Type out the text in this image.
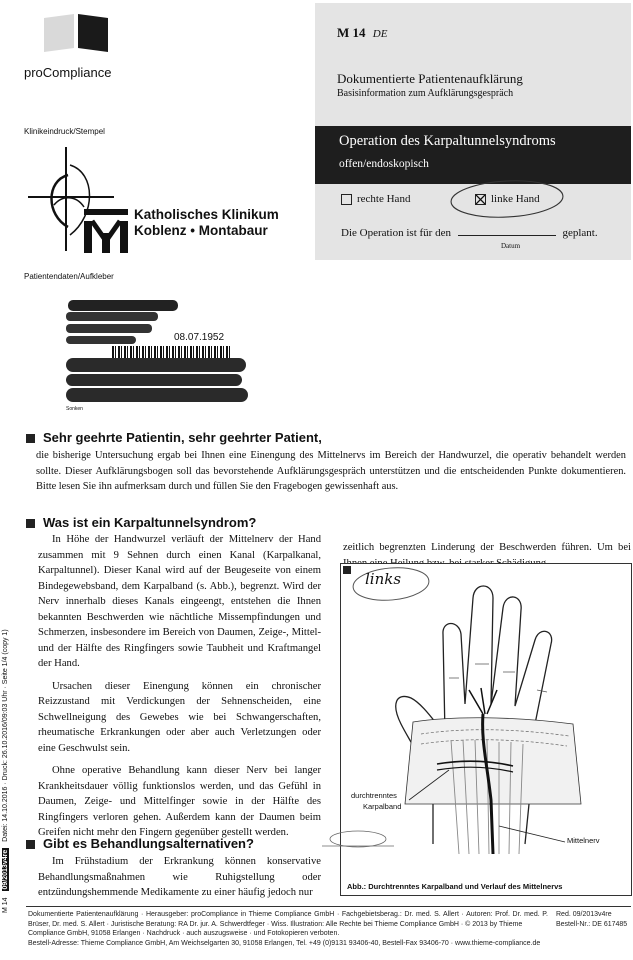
proCompliance
M 14 DE
Dokumentierte Patientenaufklärung
Basisinformation zum Aufklärungsgespräch
Operation des Karpaltunnelsyndroms
offen/endoskopisch
rechte Hand	linke Hand
Die Operation ist für den	geplant.
Datum
Klinikeindruck/Stempel
Katholisches Klinikum
Koblenz • Montabaur
Patientendaten/Aufkleber
08.07.1952
Sonken
Sehr geehrte Patientin, sehr geehrter Patient,
die bisherige Untersuchung ergab bei Ihnen eine Einengung des Mittelnervs im Bereich der Handwurzel, die operativ behandelt werden sollte. Dieser Aufklärungsbogen soll das bevorstehende Aufklärungsgespräch unterstützen und die entscheidenden Punkte dokumentieren. Bitte lesen Sie ihn aufmerksam durch und füllen Sie den Fragebogen gewissenhaft aus.
Was ist ein Karpaltunnelsyndrom?

In Höhe der Handwurzel verläuft der Mittelnerv der Hand zusammen mit 9 Sehnen durch einen Kanal (Karpalkanal, Karpaltunnel). Dieser Kanal wird auf der Beugeseite von einem Bindegewebsband, dem Karpalband (s. Abb.), begrenzt. Wird der Nerv innerhalb dieses Kanals eingeengt, entstehen die Ihnen bekannten Beschwerden wie nächtliche Missempfindungen und Schmerzen, insbesondere im Bereich von Daumen, Zeige-, Mittel- und der Hälfte des Ringfingers sowie Taubheit und Kraftmangel der Hand.

Ursachen dieser Einengung können ein chronischer Reizzustand mit Verdickungen der Sehnenscheiden, eine Schwellneigung des Gewebes wie bei Schwangerschaften, rheumatische Erkrankungen oder aber auch Verletzungen oder eine Geschwulst sein.

Ohne operative Behandlung kann dieser Nerv bei langer Krankheitsdauer völlig funktionslos werden, und das Gefühl in Daumen, Zeige- und Mittelfinger sowie in der Hälfte des Ringfingers verloren gehen. Außerdem kann der Daumen beim Greifen nicht mehr den Fingern gegenüber gestellt werden.

Gibt es Behandlungsalternativen?

Im Frühstadium der Erkrankung können konservative Behandlungsmaßnahmen wie Ruhigstellung oder entzündungshemmende Medikamente zu einer häufig jedoch nur

M 14 09/2013v4re Datei: 14.10.2016 · Druck: 26.10.2016/09:03 Uhr · Seite 1/4 (copy 1)

zeitlich begrenzten Linderung der Beschwerden führen. Um bei

links
durchtrenntes
Karpalband
Mittelnerv
Abb.: Durchtrenntes Karpalband und Verlauf des Mittelnervs
Dokumentierte Patientenaufklärung · Herausgeber: proCompliance in Thieme Compliance GmbH · Fachgebietsberag.: Dr. med. S. Allert · Autoren: Prof. Dr. med. P. Brüser, Dr. med. S. Allert · Juristische Beratung: RA Dr. jur. A. Schwerdtfeger · Wiss. Illustration: Alle Rechte bei Thieme Compliance GmbH · © 2013 by Thieme
Compliance GmbH, 91058 Erlangen · Nachdruck · auch auszugsweise · und Fotokopieren verboten.
Bestell-Adresse: Thieme Compliance GmbH, Am Weichselgarten 30, 91058 Erlangen, Tel. +49 (0)9131 93406-40, Bestell-Fax 93406-70 · www.thieme-compliance.de
Red. 09/2013v4re
Bestell-Nr.: DE 617485
